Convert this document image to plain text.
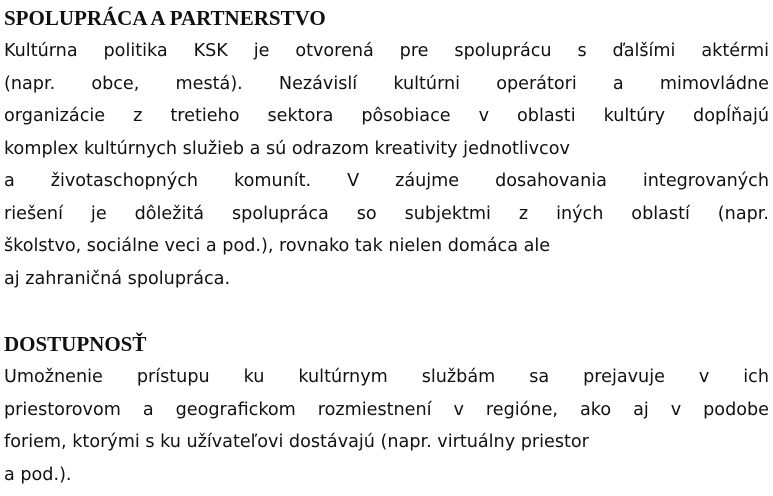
SPOLUPRÁCA A PARTNERSTVO
Kultúrna politika KSK je otvorená pre spoluprácu s ďalšími aktérmi
(napr. obce, mestá). Nezávislí kultúrni operátori a mimovládne
organizácie z tretieho sektora pôsobiace v oblasti kultúry dopĺňajú
komplex kultúrnych služieb a sú odrazom kreativity jednotlivcov
a životaschopných komunít. V záujme dosahovania integrovaných
riešení je dôležitá spolupráca so subjektmi z iných oblastí (napr.
školstvo, sociálne veci a pod.), rovnako tak nielen domáca ale
aj zahraničná spolupráca.
DOSTUPNOSŤ
Umožnenie prístupu ku kultúrnym službám sa prejavuje v ich
priestorovom a geografickom rozmiestnení v regióne, ako aj v podobe
foriem, ktorými s ku užívateľovi dostávajú (napr. virtuálny priestor
a pod.).
